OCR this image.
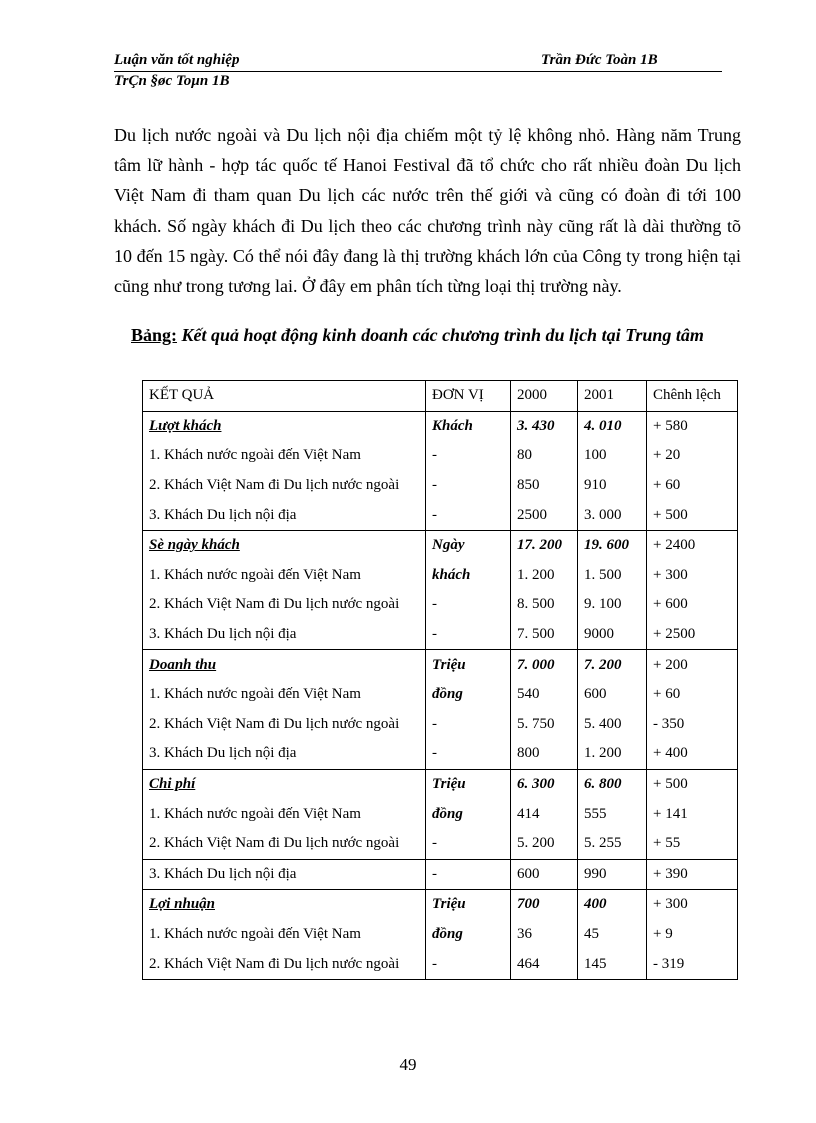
Luận văn tốt nghiệp	Trần Đức Toàn 1B
TrÇn §øc Toµn 1B
Du lịch nước ngoài và Du lịch nội địa chiếm một tỷ lệ không nhỏ. Hàng năm Trung tâm lữ hành - hợp tác quốc tế Hanoi Festival đã tổ chức cho rất nhiều đoàn Du lịch Việt Nam đi tham quan Du lịch các nước trên thế giới và cũng có đoàn đi tới 100 khách. Số ngày khách đi Du lịch theo các chương trình này cũng rất là dài thường tõ 10 đến 15 ngày. Có thể nói đây đang là thị trường khách lớn của Công ty trong hiện tại cũng như trong tương lai. Ở đây em phân tích từng loại thị trường này.
Bảng: Kết quả hoạt động kinh doanh các chương trình du lịch tại Trung tâm
KẾT QUẢ	ĐƠN VỊ	2000	2001	Chênh lệch
Lượt khách	Khách	3. 430	4. 010	+ 580
1. Khách nước ngoài đến Việt Nam	-	80	100	+ 20
2. Khách Việt Nam đi Du lịch nước ngoài	-	850	910	+ 60
3. Khách Du lịch nội địa	-	2500	3. 000	+ 500
Sè ngày khách	Ngày	17. 200	19. 600	+ 2400
1. Khách nước ngoài đến Việt Nam	khách	1. 200	1. 500	+ 300
2. Khách Việt Nam đi Du lịch nước ngoài	-	8. 500	9. 100	+ 600
3. Khách Du lịch nội địa	-	7. 500	9000	+ 2500
Doanh thu	Triệu	7. 000	7. 200	+ 200
1. Khách nước ngoài đến Việt Nam	đồng	540	600	+ 60
2. Khách Việt Nam đi Du lịch nước ngoài	-	5. 750	5. 400	- 350
3. Khách Du lịch nội địa	-	800	1. 200	+ 400
Chi phí	Triệu	6. 300	6. 800	+ 500
1. Khách nước ngoài đến Việt Nam	đồng	414	555	+ 141
2. Khách Việt Nam đi Du lịch nước ngoài	-	5. 200	5. 255	+ 55
3. Khách Du lịch nội địa	-	600	990	+ 390
Lợi nhuận	Triệu	700	400	+ 300
1. Khách nước ngoài đến Việt Nam	đồng	36	45	+ 9
2. Khách Việt Nam đi Du lịch nước ngoài	-	464	145	- 319
49
